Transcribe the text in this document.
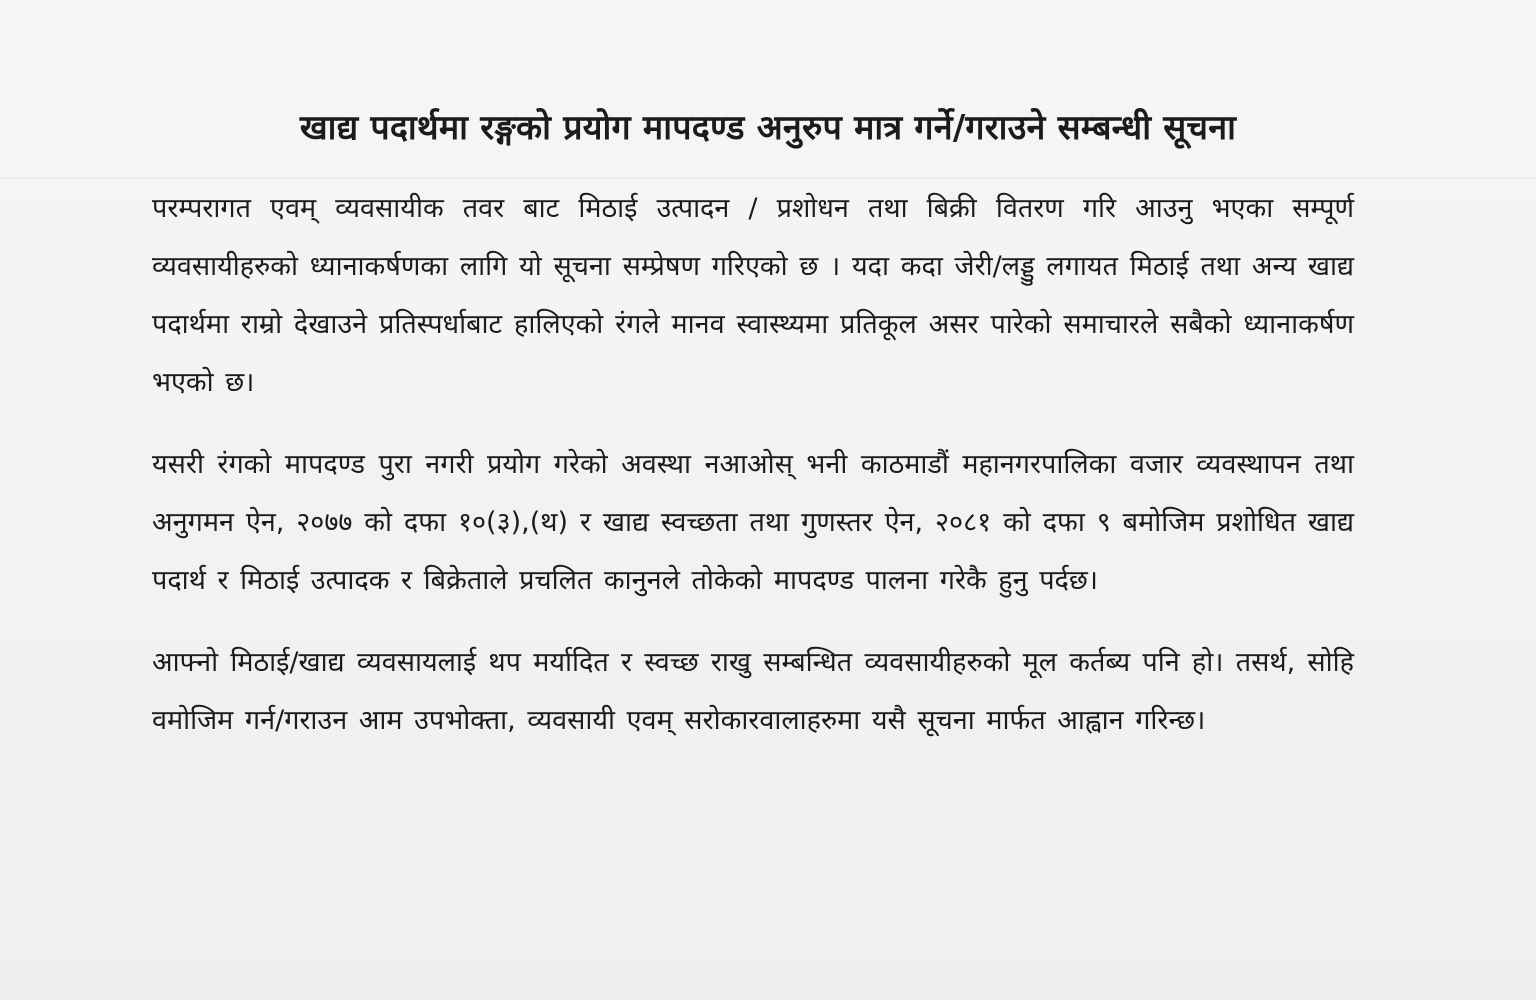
खाद्य पदार्थमा रङ्गको प्रयोग मापदण्ड अनुरुप मात्र गर्ने/गराउने सम्बन्धी सूचना

परम्परागत एवम् व्यवसायीक तवर बाट मिठाई उत्पादन / प्रशोधन तथा बिक्री वितरण गरि आउनु भएका सम्पूर्ण व्यवसायीहरुको ध्यानाकर्षणका लागि यो सूचना सम्प्रेषण गरिएको छ । यदा कदा जेरी/लड्डु लगायत मिठाई तथा अन्य खाद्य पदार्थमा राम्रो देखाउने प्रतिस्पर्धाबाट हालिएको रंगले मानव स्वास्थ्यमा प्रतिकूल असर पारेको समाचारले सबैको ध्यानाकर्षण भएको छ।

यसरी रंगको मापदण्ड पुरा नगरी प्रयोग गरेको अवस्था नआओस् भनी काठमाडौं महानगरपालिका वजार व्यवस्थापन तथा अनुगमन ऐन, २०७७ को दफा १०(३),(थ) र खाद्य स्वच्छता तथा गुणस्तर ऐन, २०८१ को दफा ९ बमोजिम प्रशोधित खाद्य पदार्थ र मिठाई उत्पादक र बिक्रेताले प्रचलित कानुनले तोकेको मापदण्ड पालना गरेकै हुनु पर्दछ।

आफ्नो मिठाई/खाद्य व्यवसायलाई थप मर्यादित र स्वच्छ राखु सम्बन्धित व्यवसायीहरुको मूल कर्तब्य पनि हो। तसर्थ, सोहि वमोजिम गर्न/गराउन आम उपभोक्ता, व्यवसायी एवम् सरोकारवालाहरुमा यसै सूचना मार्फत आह्वान गरिन्छ।
